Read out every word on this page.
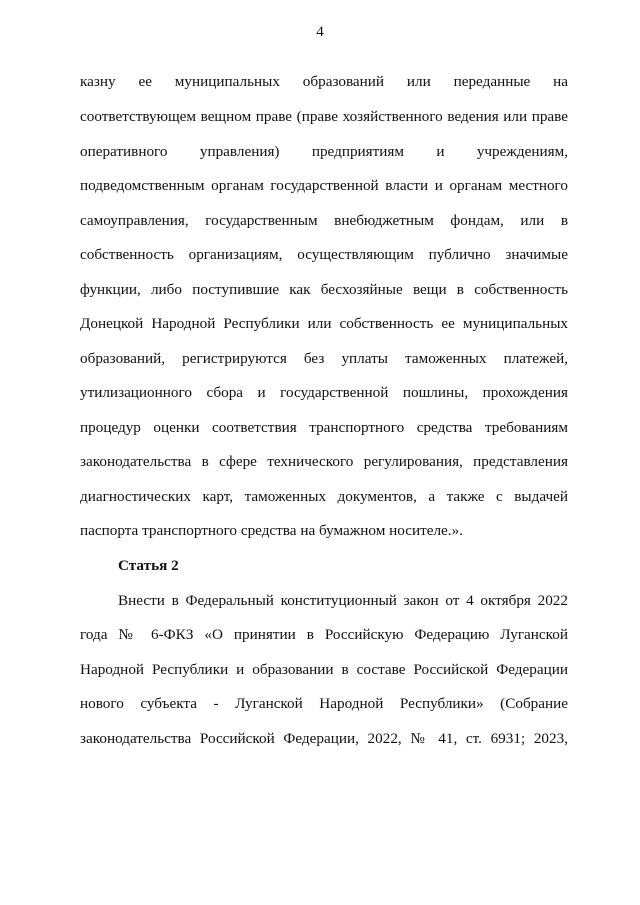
4
казну ее муниципальных образований или переданные на
соответствующем вещном праве (праве хозяйственного ведения или праве
оперативного управления) предприятиям и учреждениям,
подведомственным органам государственной власти и органам местного
самоуправления, государственным внебюджетным фондам, или в
собственность организациям, осуществляющим публично значимые
функции, либо поступившие как бесхозяйные вещи в собственность
Донецкой Народной Республики или собственность ее муниципальных
образований, регистрируются без уплаты таможенных платежей,
утилизационного сбора и государственной пошлины, прохождения
процедур оценки соответствия транспортного средства требованиям
законодательства в сфере технического регулирования, представления
диагностических карт, таможенных документов, а также с выдачей
паспорта транспортного средства на бумажном носителе.».
Статья 2
Внести в Федеральный конституционный закон от 4 октября 2022
года № 6-ФКЗ «О принятии в Российскую Федерацию Луганской
Народной Республики и образовании в составе Российской Федерации
нового субъекта - Луганской Народной Республики» (Собрание
законодательства Российской Федерации, 2022, № 41, ст. 6931; 2023,
